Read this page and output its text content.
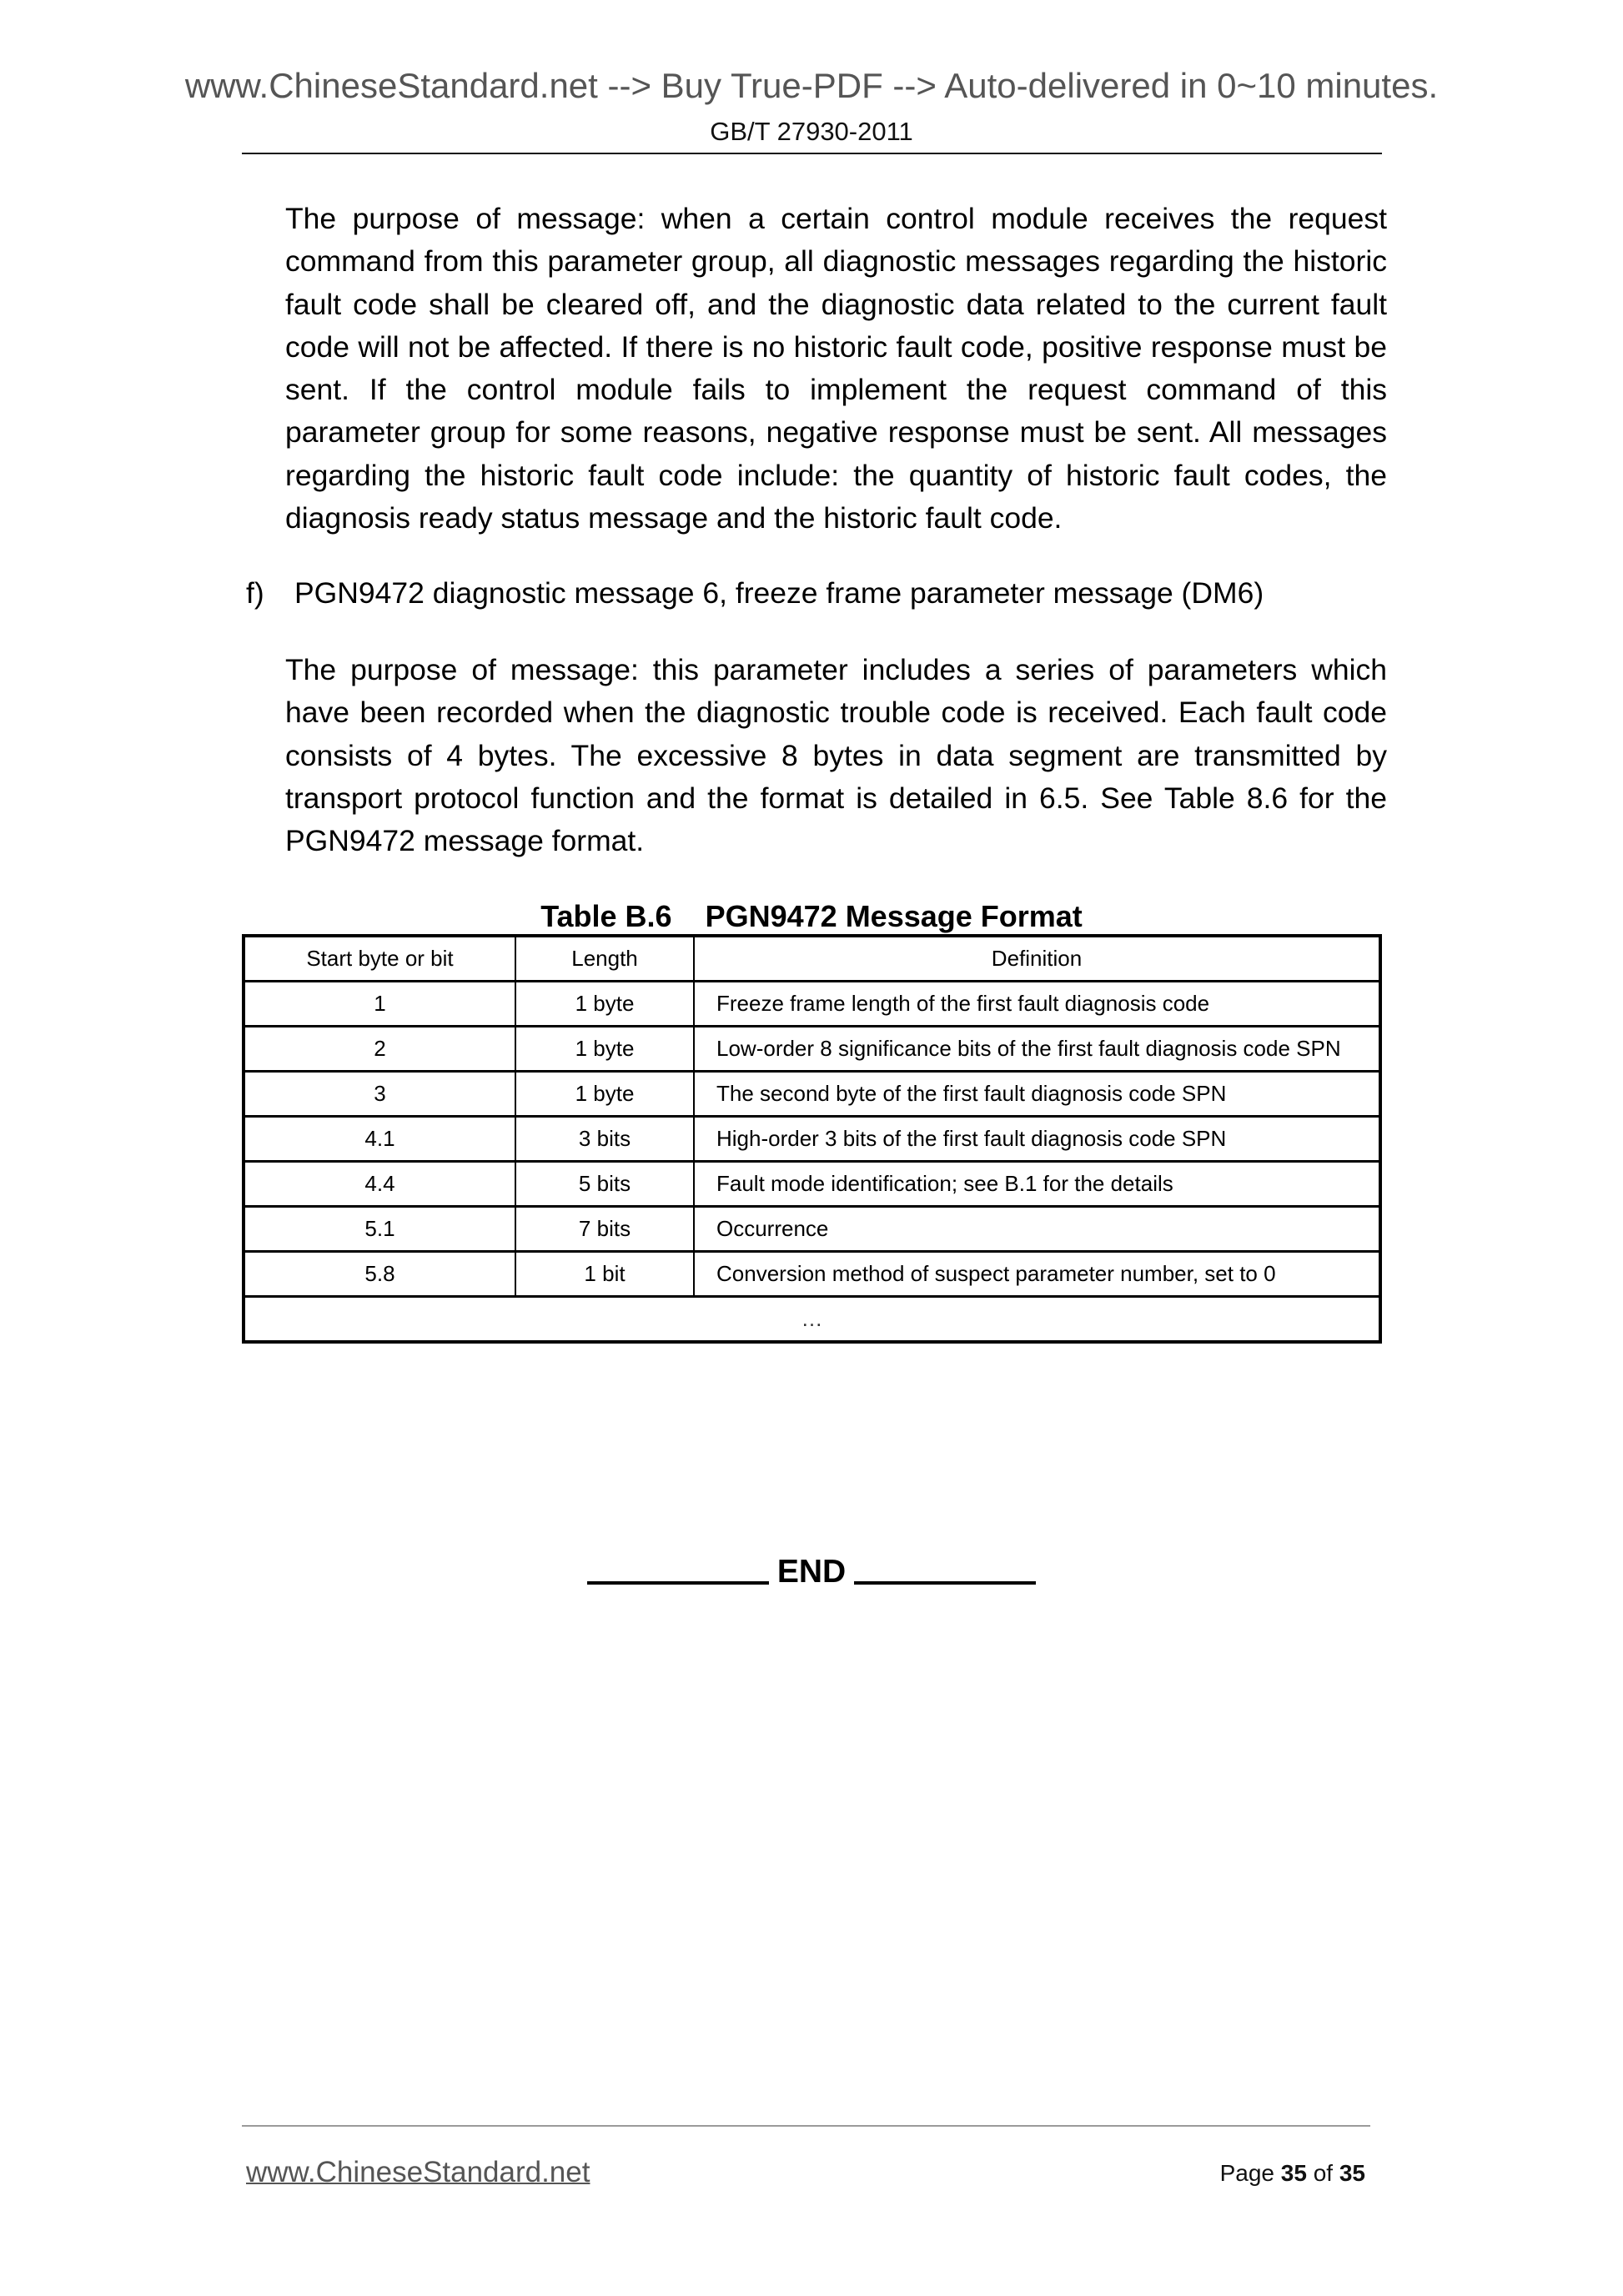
www.ChineseStandard.net --> Buy True-PDF --> Auto-delivered in 0~10 minutes.
GB/T 27930-2011
The purpose of message: when a certain control module receives the request command from this parameter group, all diagnostic messages regarding the historic fault code shall be cleared off, and the diagnostic data related to the current fault code will not be affected. If there is no historic fault code, positive response must be sent. If the control module fails to implement the request command of this parameter group for some reasons, negative response must be sent. All messages regarding the historic fault code include: the quantity of historic fault codes, the diagnosis ready status message and the historic fault code.
f) PGN9472 diagnostic message 6, freeze frame parameter message (DM6)
The purpose of message: this parameter includes a series of parameters which have been recorded when the diagnostic trouble code is received. Each fault code consists of 4 bytes. The excessive 8 bytes in data segment are transmitted by transport protocol function and the format is detailed in 6.5. See Table 8.6 for the PGN9472 message format.
Table B.6    PGN9472 Message Format
Start byte or bit	Length	Definition
1	1 byte	Freeze frame length of the first fault diagnosis code
2	1 byte	Low-order 8 significance bits of the first fault diagnosis code SPN
3	1 byte	The second byte of the first fault diagnosis code SPN
4.1	3 bits	High-order 3 bits of the first fault diagnosis code SPN
4.4	5 bits	Fault mode identification; see B.1 for the details
5.1	7 bits	Occurrence
5.8	1 bit	Conversion method of suspect parameter number, set to 0
…		
END
www.ChineseStandard.net	Page 35 of 35
